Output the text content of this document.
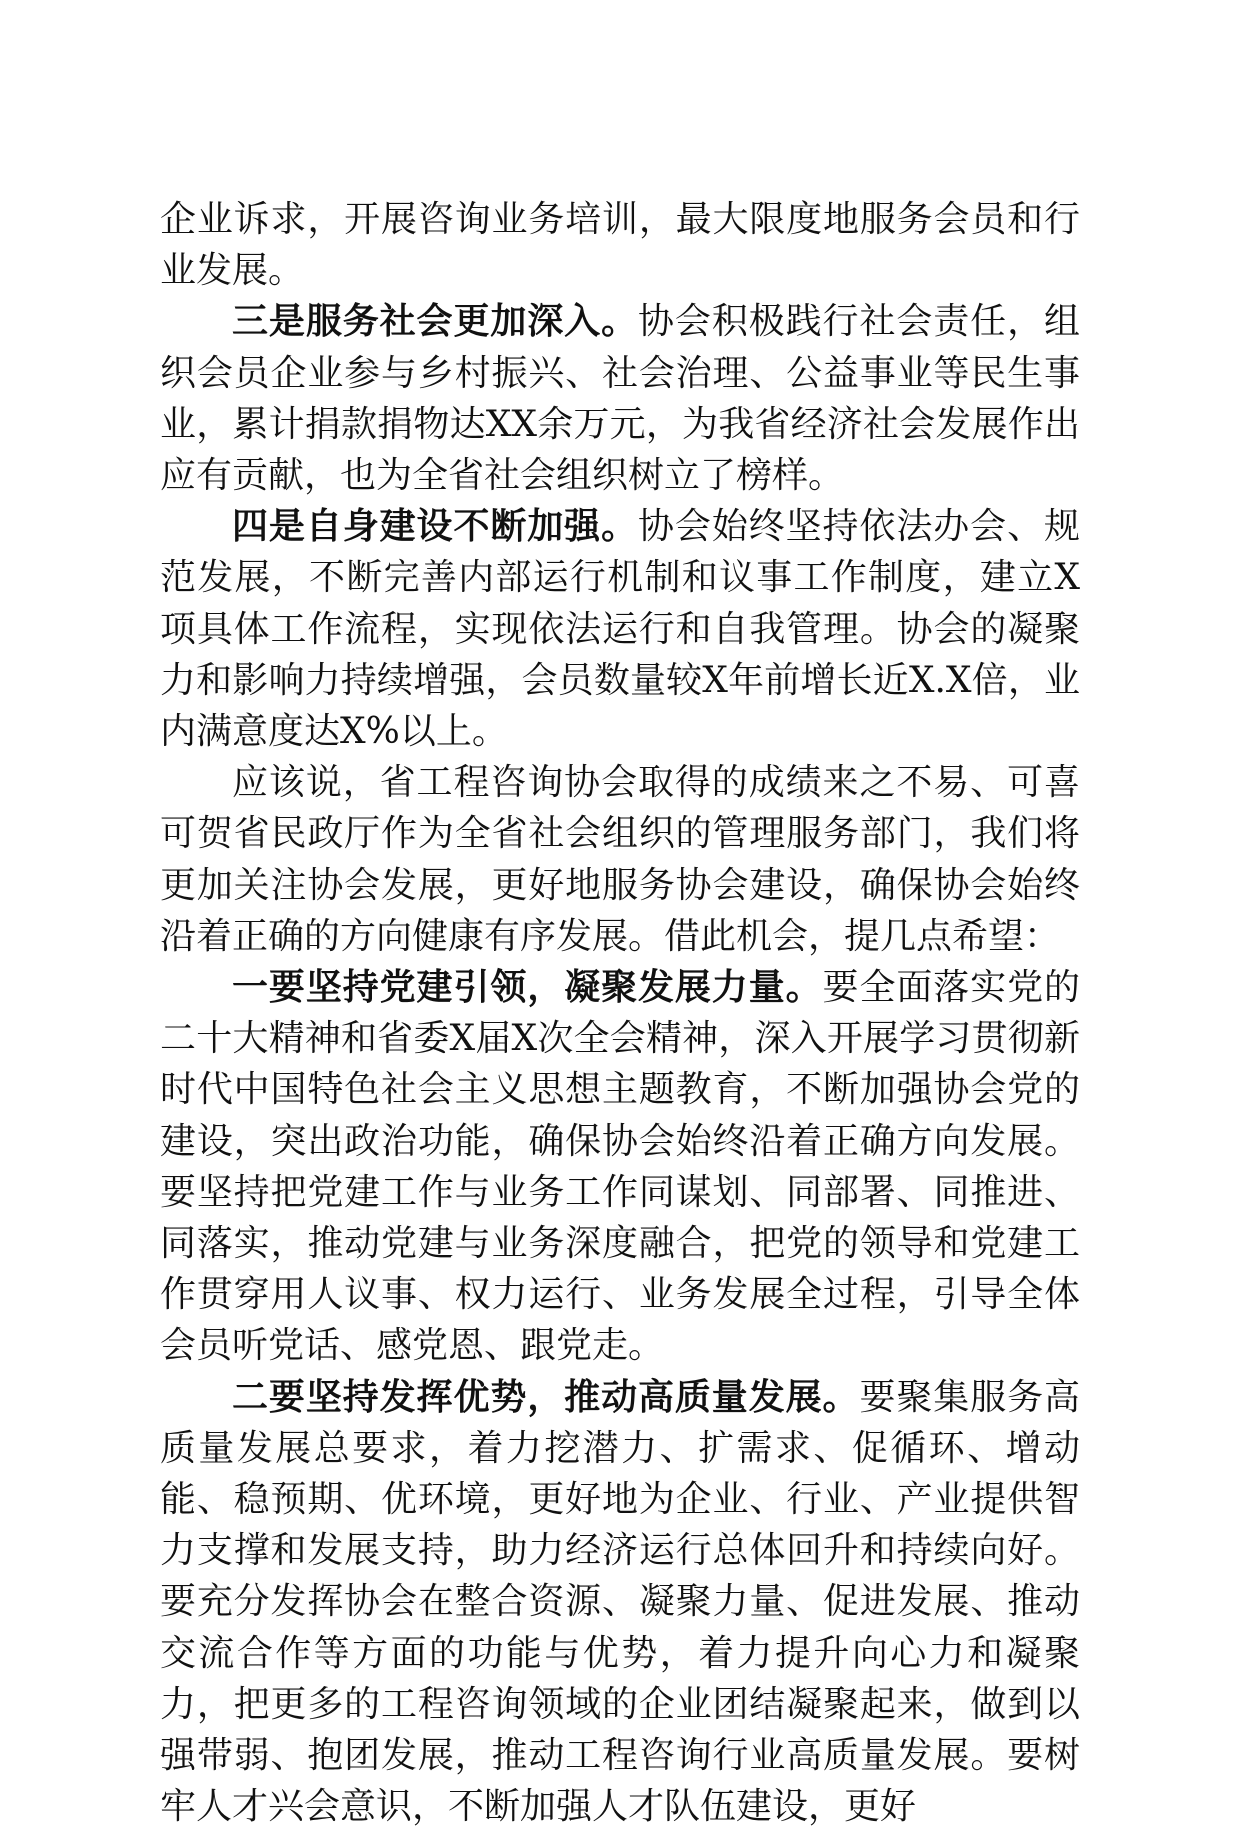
企业诉求，开展咨询业务培训，最大限度地服务会员和行业发展。

三是服务社会更加深入。协会积极践行社会责任，组织会员企业参与乡村振兴、社会治理、公益事业等民生事业，累计捐款捐物达XX余万元，为我省经济社会发展作出应有贡献，也为全省社会组织树立了榜样。

四是自身建设不断加强。协会始终坚持依法办会、规范发展，不断完善内部运行机制和议事工作制度，建立X项具体工作流程，实现依法运行和自我管理。协会的凝聚力和影响力持续增强，会员数量较X年前增长近X.X倍，业内满意度达X%以上。

应该说，省工程咨询协会取得的成绩来之不易、可喜可贺省民政厅作为全省社会组织的管理服务部门，我们将更加关注协会发展，更好地服务协会建设，确保协会始终沿着正确的方向健康有序发展。借此机会，提几点希望：

一要坚持党建引领，凝聚发展力量。要全面落实党的二十大精神和省委X届X次全会精神，深入开展学习贯彻新时代中国特色社会主义思想主题教育，不断加强协会党的建设，突出政治功能，确保协会始终沿着正确方向发展。要坚持把党建工作与业务工作同谋划、同部署、同推进、同落实，推动党建与业务深度融合，把党的领导和党建工作贯穿用人议事、权力运行、业务发展全过程，引导全体会员听党话、感党恩、跟党走。

二要坚持发挥优势，推动高质量发展。要聚集服务高质量发展总要求，着力挖潜力、扩需求、促循环、增动能、稳预期、优环境，更好地为企业、行业、产业提供智力支撑和发展支持，助力经济运行总体回升和持续向好。要充分发挥协会在整合资源、凝聚力量、促进发展、推动交流合作等方面的功能与优势，着力提升向心力和凝聚力，把更多的工程咨询领域的企业团结凝聚起来，做到以强带弱、抱团发展，推动工程咨询行业高质量发展。要树牢人才兴会意识，不断加强人才队伍建设，更好
